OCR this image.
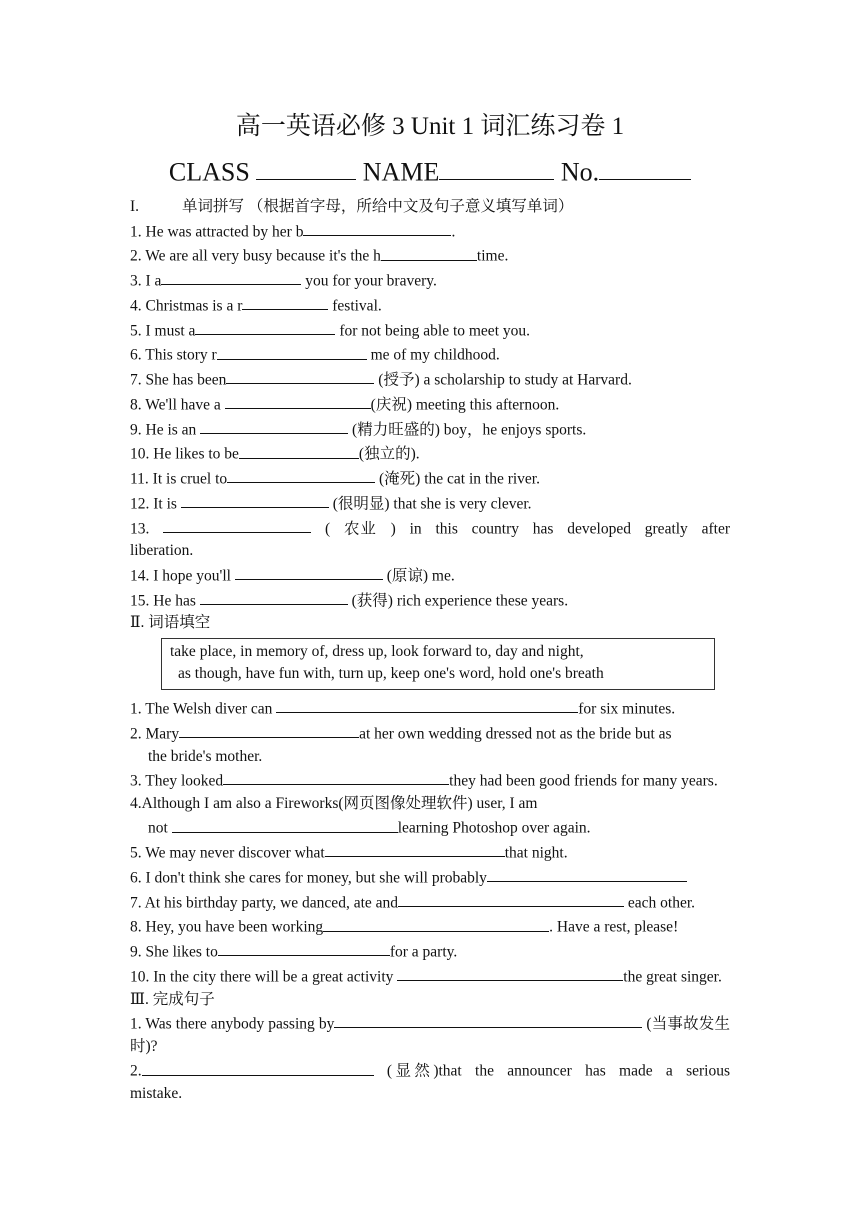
高一英语必修 3 Unit 1 词汇练习卷 1
CLASS	NAME	No.

I.	单词拼写 （根据首字母，所给中文及句子意义填写单词）

1. He was attracted by her b	.

2. We are all very busy because it's the h	time.

3. I a	you for your bravery.

4. Christmas is a r	festival.

5. I must a	for not being able to meet you.

6. This story r	me of my childhood.

7. She has been	(授予) a scholarship to study at Harvard.

8. We'll have a	(庆祝) meeting this afternoon.

9. He is an	(精力旺盛的) boy，he enjoys sports.

10. He likes to be	(独立的).

11. It is cruel to	(淹死) the cat in the river.

12. It is	(很明显) that she is very clever.

13.	( 农业 ) in this country has developed greatly after liberation.

14. I hope you'll	(原谅) me.

15. He has	(获得) rich experience these years.

Ⅱ. 词语填空

take place, in memory of, dress up, look forward to, day and night,

as though, have fun with, turn up, keep one's word, hold one's breath

1. The Welsh diver can	for six minutes.

2. Mary	at her own wedding dressed not as the bride but as

the bride's mother.

3. They looked	they had been good friends for many years.

4.Although I am also a Fireworks(网页图像处理软件) user, I am

not	learning Photoshop over again.

5. We may never discover what	that night.

6. I don't think she cares for money, but she will probably

7. At his birthday party, we danced, ate and	each other.

8. Hey, you have been working	. Have a rest, please!

9. She likes to	for a party.

10. In the city there will be a great activity	the great singer.

Ⅲ. 完成句子

1. Was there anybody passing by	(当事故发生时)?

2.	(显然)that the announcer has made a serious mistake.
